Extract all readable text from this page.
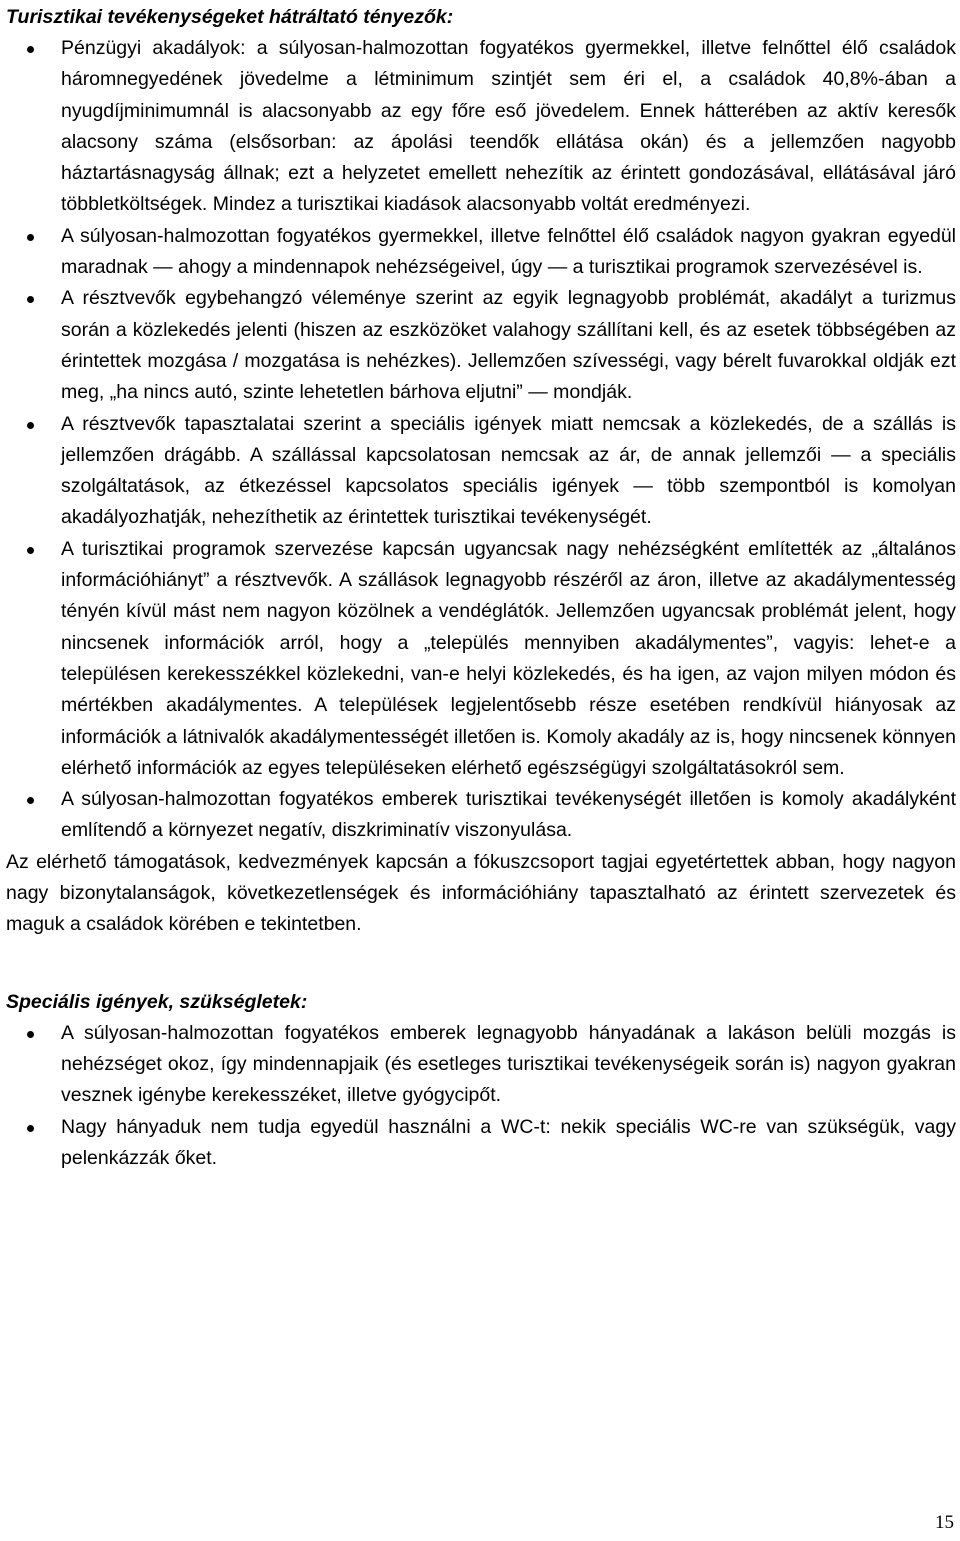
Turisztikai tevékenységeket hátráltató tényezők:
Pénzügyi akadályok: a súlyosan-halmozottan fogyatékos gyermekkel, illetve felnőttel élő családok háromnegyedének jövedelme a létminimum szintjét sem éri el, a családok 40,8%-ában a nyugdíjminimumnál is alacsonyabb az egy főre eső jövedelem. Ennek hátterében az aktív keresők alacsony száma (elsősorban: az ápolási teendők ellátása okán) és a jellemzően nagyobb háztartásnagyság állnak; ezt a helyzetet emellett nehezítik az érintett gondozásával, ellátásával járó többletköltségek. Mindez a turisztikai kiadások alacsonyabb voltát eredményezi.
A súlyosan-halmozottan fogyatékos gyermekkel, illetve felnőttel élő családok nagyon gyakran egyedül maradnak — ahogy a mindennapok nehézségeivel, úgy — a turisztikai programok szervezésével is.
A résztvevők egybehangzó véleménye szerint az egyik legnagyobb problémát, akadályt a turizmus során a közlekedés jelenti (hiszen az eszközöket valahogy szállítani kell, és az esetek többségében az érintettek mozgása / mozgatása is nehézkes). Jellemzően szívességi, vagy bérelt fuvarokkal oldják ezt meg, „ha nincs autó, szinte lehetetlen bárhova eljutni” — mondják.
A résztvevők tapasztalatai szerint a speciális igények miatt nemcsak a közlekedés, de a szállás is jellemzően drágább. A szállással kapcsolatosan nemcsak az ár, de annak jellemzői — a speciális szolgáltatások, az étkezéssel kapcsolatos speciális igények — több szempontból is komolyan akadályozhatják, nehezíthetik az érintettek turisztikai tevékenységét.
A turisztikai programok szervezése kapcsán ugyancsak nagy nehézségként említették az „általános információhiányt” a résztvevők. A szállások legnagyobb részéről az áron, illetve az akadálymentesség tényén kívül mást nem nagyon közölnek a vendéglátók. Jellemzően ugyancsak problémát jelent, hogy nincsenek információk arról, hogy a „település mennyiben akadálymentes”, vagyis: lehet-e a településen kerekesszékkel közlekedni, van-e helyi közlekedés, és ha igen, az vajon milyen módon és mértékben akadálymentes. A települések legjelentősebb része esetében rendkívül hiányosak az információk a látnivalók akadálymentességét illetően is. Komoly akadály az is, hogy nincsenek könnyen elérhető információk az egyes településeken elérhető egészségügyi szolgáltatásokról sem.
A súlyosan-halmozottan fogyatékos emberek turisztikai tevékenységét illetően is komoly akadályként említendő a környezet negatív, diszkriminatív viszonyulása.

Az elérhető támogatások, kedvezmények kapcsán a fókuszcsoport tagjai egyetértettek abban, hogy nagyon nagy bizonytalanságok, következetlenségek és információhiány tapasztalható az érintett szervezetek és maguk a családok körében e tekintetben.

Speciális igények, szükségletek:
A súlyosan-halmozottan fogyatékos emberek legnagyobb hányadának a lakáson belüli mozgás is nehézséget okoz, így mindennapjaik (és esetleges turisztikai tevékenységeik során is) nagyon gyakran vesznek igénybe kerekesszéket, illetve gyógycipőt.
Nagy hányaduk nem tudja egyedül használni a WC-t: nekik speciális WC-re van szükségük, vagy pelenkázzák őket.
15
